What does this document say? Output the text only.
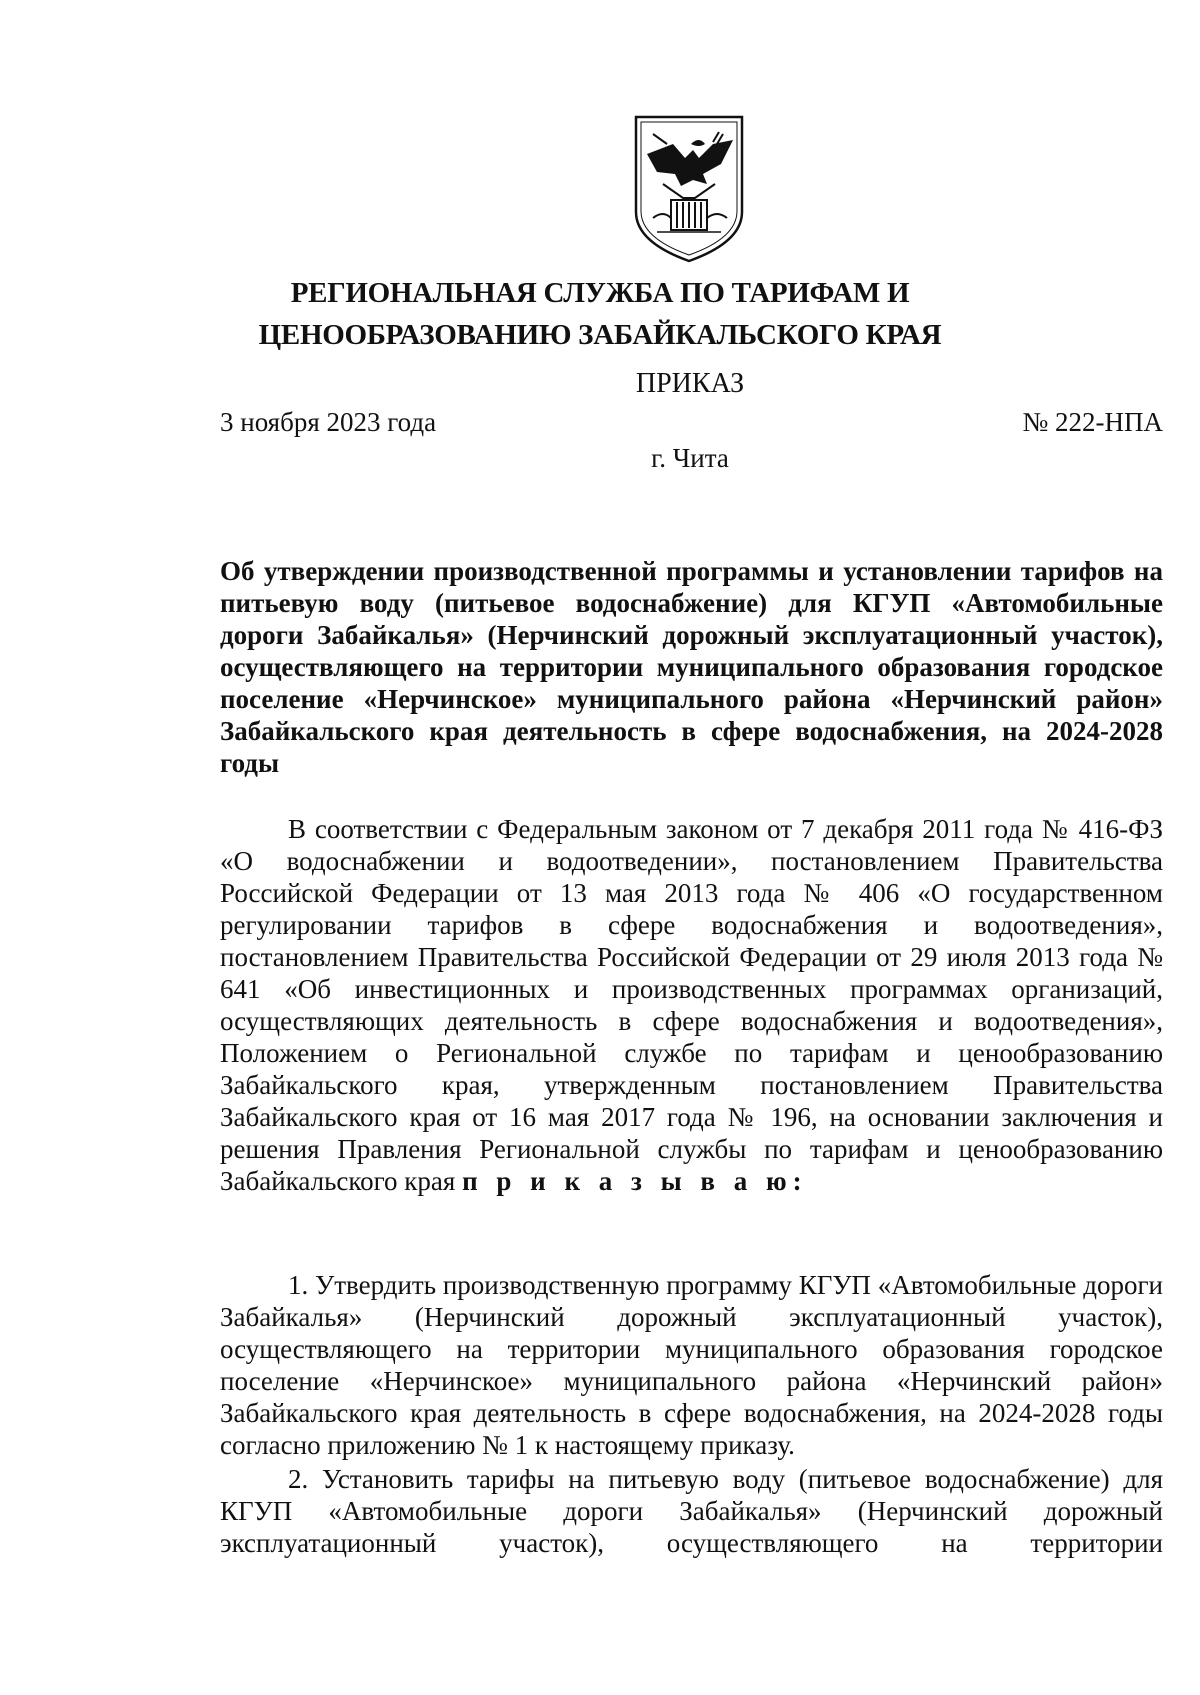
РЕГИОНАЛЬНАЯ СЛУЖБА ПО ТАРИФАМ И ЦЕНООБРАЗОВАНИЮ ЗАБАЙКАЛЬСКОГО КРАЯ
ПРИКАЗ
3 ноября 2023 года	№ 222-НПА
г. Чита
Об утверждении производственной программы и установлении тарифов на питьевую воду (питьевое водоснабжение) для КГУП «Автомобильные дороги Забайкалья» (Нерчинский дорожный эксплуатационный участок), осуществляющего на территории муниципального образования городское поселение «Нерчинское» муниципального района «Нерчинский район» Забайкальского края деятельность в сфере водоснабжения, на 2024-2028 годы

В соответствии с Федеральным законом от 7 декабря 2011 года № 416-ФЗ «О водоснабжении и водоотведении», постановлением Правительства Российской Федерации от 13 мая 2013 года № 406 «О государственном регулировании тарифов в сфере водоснабжения и водоотведения», постановлением Правительства Российской Федерации от 29 июля 2013 года № 641 «Об инвестиционных и производственных программах организаций, осуществляющих деятельность в сфере водоснабжения и водоотведения», Положением о Региональной службе по тарифам и ценообразованию Забайкальского края, утвержденным постановлением Правительства Забайкальского края от 16 мая 2017 года № 196, на основании заключения и решения Правления Региональной службы по тарифам и ценообразованию Забайкальского края п р и к а з ы в а ю:

1. Утвердить производственную программу КГУП «Автомобильные дороги Забайкалья» (Нерчинский дорожный эксплуатационный участок), осуществляющего на территории муниципального образования городское поселение «Нерчинское» муниципального района «Нерчинский район» Забайкальского края деятельность в сфере водоснабжения, на 2024-2028 годы согласно приложению № 1 к настоящему приказу.

2. Установить тарифы на питьевую воду (питьевое водоснабжение) для КГУП «Автомобильные дороги Забайкалья» (Нерчинский дорожный эксплуатационный участок), осуществляющего на территории
